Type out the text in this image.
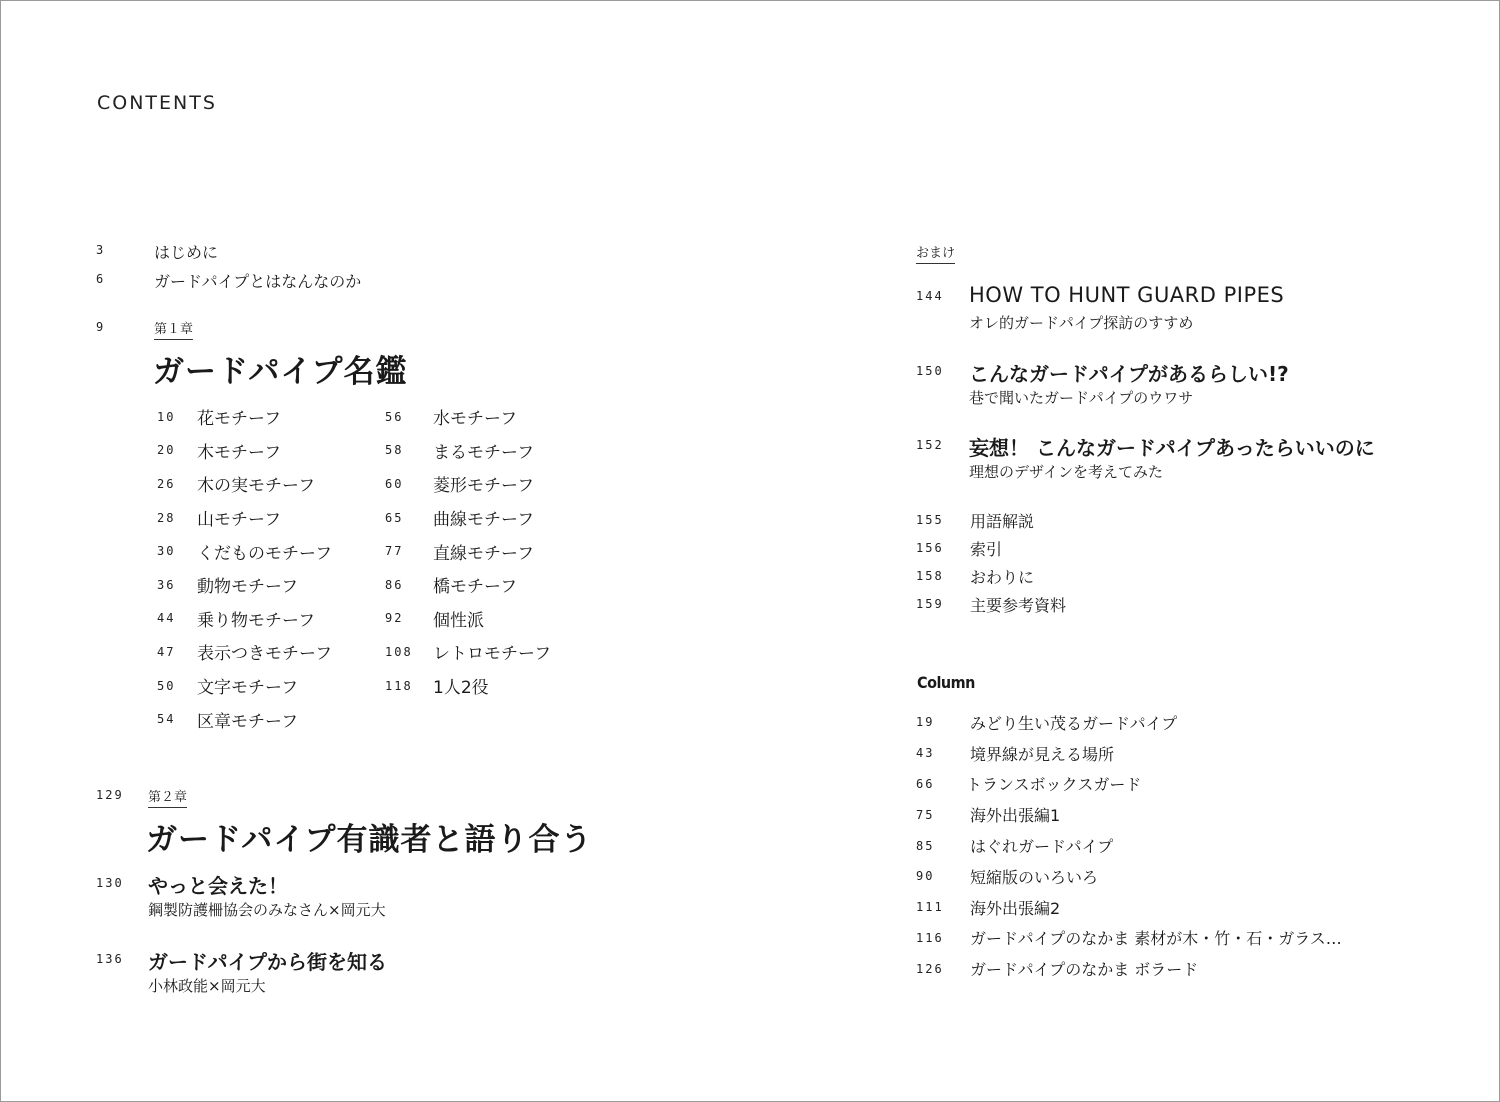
CONTENTS
3	はじめに
6	ガードパイプとはなんなのか
9	第１章
ガードパイプ名鑑
10	花モチーフ
20	木モチーフ
26	木の実モチーフ
28	山モチーフ
30	くだものモチーフ
36	動物モチーフ
44	乗り物モチーフ
47	表示つきモチーフ
50	文字モチーフ
54	区章モチーフ
56	水モチーフ
58	まるモチーフ
60	菱形モチーフ
65	曲線モチーフ
77	直線モチーフ
86	橋モチーフ
92	個性派
108	レトロモチーフ
118	1人2役
129 第２章
ガードパイプ有識者と語り合う
130 やっと会えた！
鋼製防護柵協会のみなさん×岡元大
136 ガードパイプから街を知る
小林政能×岡元大
おまけ
144 HOW TO HUNT GUARD PIPES
オレ的ガードパイプ探訪のすすめ
150 こんなガードパイプがあるらしい!?
巷で聞いたガードパイプのウワサ
152 妄想！ こんなガードパイプあったらいいのに
理想のデザインを考えてみた
155	用語解説
156	索引
158	おわりに
159	主要参考資料
Column
19	みどり生い茂るガードパイプ
43	境界線が見える場所
66	トランスボックスガード
75	海外出張編1
85	はぐれガードパイプ
90	短縮版のいろいろ
111	海外出張編2
116	ガードパイプのなかま 素材が木・竹・石・ガラス…
126	ガードパイプのなかま ボラード
